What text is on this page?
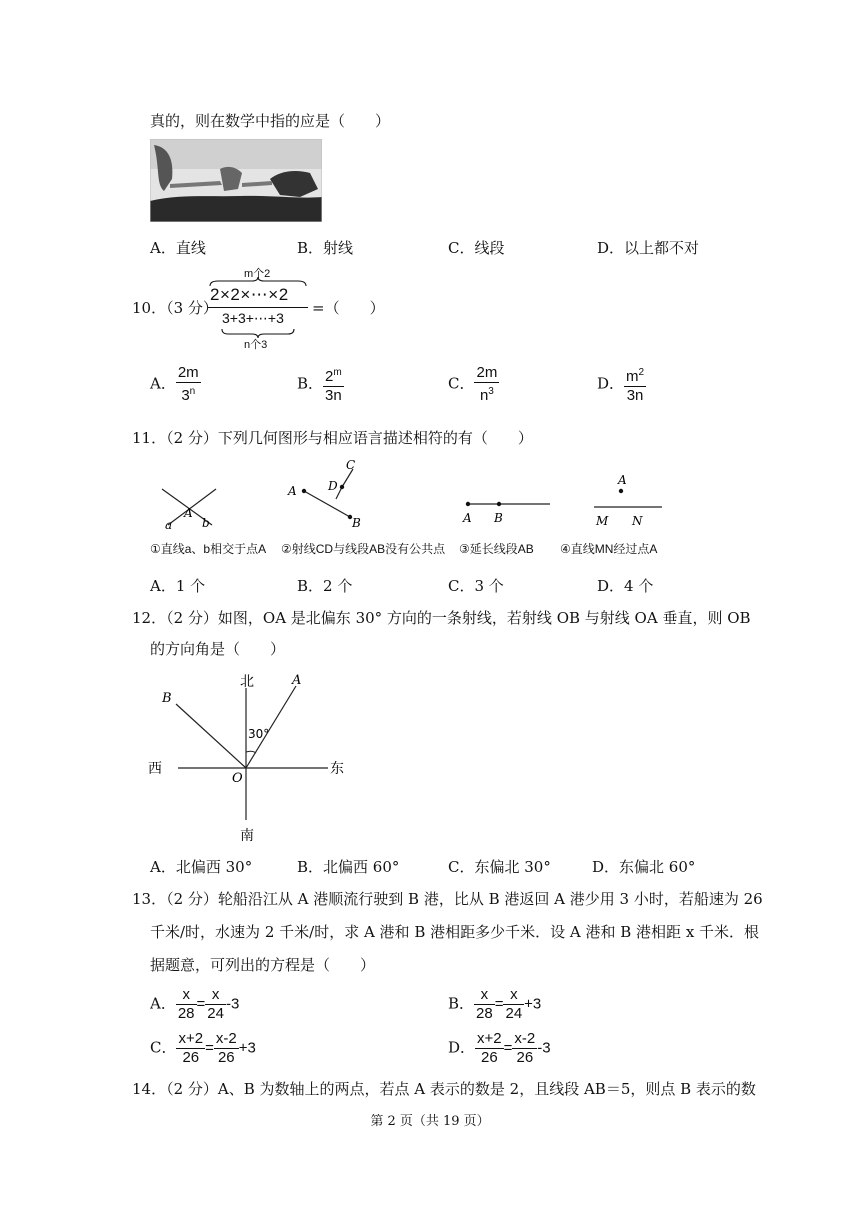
真的，则在数学中指的应是（　　）
A．直线	B．射线	C．线段	D．以上都不对
10．（3 分）
m个2
2×2×⋯×2
3+3+⋯+3
n个3
=（　　）
A． $\frac{2m}{3^n}$	B． $\frac{2^m}{3n}$	C． $\frac{2m}{n^3}$	D． $\frac{m^2}{3n}$
11．（2 分）下列几何图形与相应语言描述相符的有（　　）
a
A
b
A
C
D
B	A B
A
M N
①直线a、b相交于点A ②射线CD与线段AB没有公共点 ③延长线段AB ④直线MN经过点A
A．1 个	B．2 个	C．3 个	D．4 个
12．（2 分）如图，OA 是北偏东 30° 方向的一条射线，若射线 OB 与射线 OA 垂直，则 OB
的方向角是（　　）
北
南
西	东
A
B
O
30°
A．北偏西 30°	B．北偏西 60°	C．东偏北 30°	D．东偏北 60°
13．（2 分）轮船沿江从 A 港顺流行驶到 B 港，比从 B 港返回 A 港少用 3 小时，若船速为 26
千米/时，水速为 2 千米/时，求 A 港和 B 港相距多少千米．设 A 港和 B 港相距 x 千米．根
据题意，可列出的方程是（　　）
A． $\frac{x}{28} = \frac{x}{24} -3$	B． $\frac{x}{28} = \frac{x}{24} +3$
C． $\frac{x+2}{26} = \frac{x-2}{26} +3$	D． $\frac{x+2}{26} = \frac{x-2}{26} -3$
14．（2 分）A、B 为数轴上的两点，若点 A 表示的数是 2，且线段 AB＝5，则点 B 表示的数
第 2 页（共 19 页）
